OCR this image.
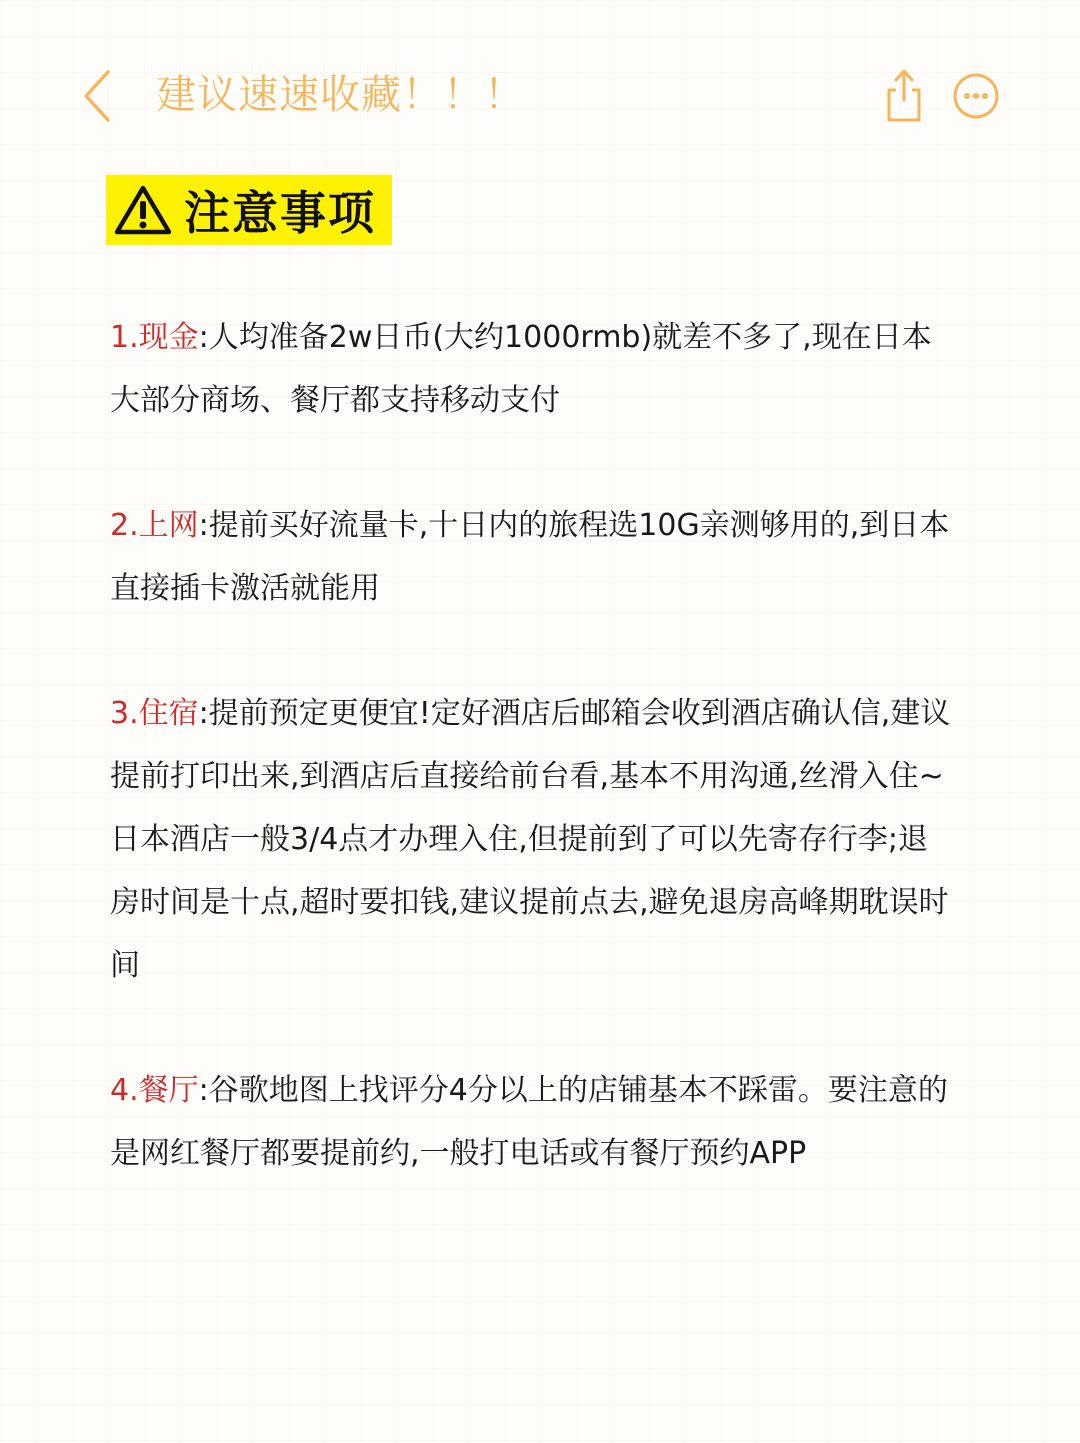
建议速速收藏！！！
注意事项

1.现金:人均准备2w日币(大约1000rmb)就差不多了,现在日本大部分商场、餐厅都支持移动支付

2.上网:提前买好流量卡,十日内的旅程选10G亲测够用的,到日本直接插卡激活就能用

3.住宿:提前预定更便宜!定好酒店后邮箱会收到酒店确认信,建议提前打印出来,到酒店后直接给前台看,基本不用沟通,丝滑入住~

日本酒店一般3/4点才办理入住,但提前到了可以先寄存行李;退房时间是十点,超时要扣钱,建议提前点去,避免退房高峰期耽误时间

4.餐厅:谷歌地图上找评分4分以上的店铺基本不踩雷。要注意的是网红餐厅都要提前约,一般打电话或有餐厅预约APP
